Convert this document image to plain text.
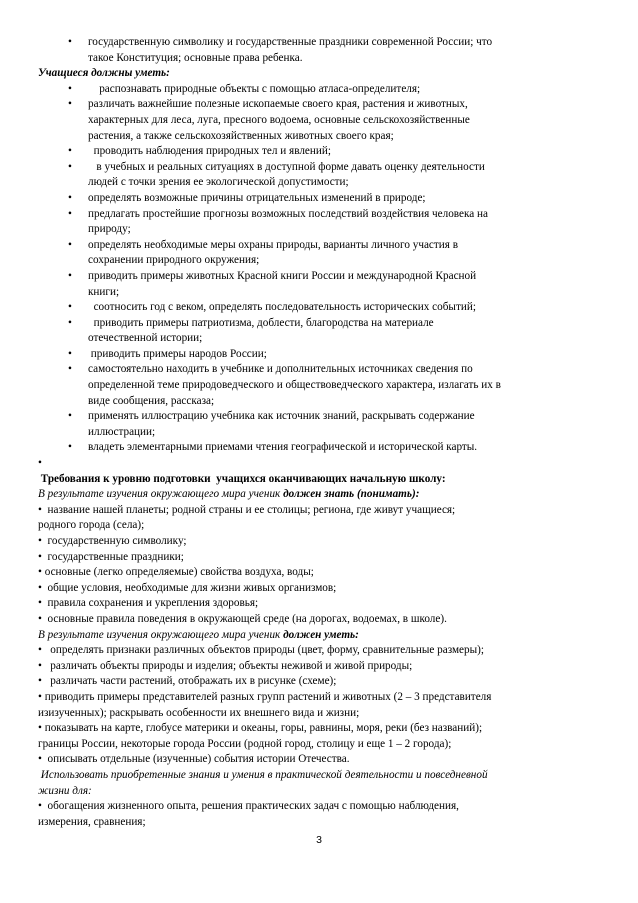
• государственную символику и государственные праздники современной России; что
такое Конституция; основные права ребенка.
Учащиеся должны уметь:
• распознавать природные объекты с помощью атласа-определителя;
• различать важнейшие полезные ископаемые своего края, растения и животных,
характерных для леса, луга, пресного водоема, основные сельскохозяйственные
растения, а также сельскохозяйственных животных своего края;
• проводить наблюдения природных тел и явлений;
• в учебных и реальных ситуациях в доступной форме давать оценку деятельности
людей с точки зрения ее экологической допустимости;
• определять возможные причины отрицательных изменений в природе;
• предлагать простейшие прогнозы возможных последствий воздействия человека на
природу;
• определять необходимые меры охраны природы, варианты личного участия в
сохранении природного окружения;
• приводить примеры животных Красной книги России и международной Красной
книги;
• соотносить год с веком, определять последовательность исторических событий;
• приводить примеры патриотизма, доблести, благородства на материале
отечественной истории;
• приводить примеры народов России;
• самостоятельно находить в учебнике и дополнительных источниках сведения по
определенной теме природоведческого и обществоведческого характера, излагать их в
виде сообщения, рассказа;
• применять иллюстрацию учебника как источник знаний, раскрывать содержание
иллюстрации;
• владеть элементарными приемами чтения географической и исторической карты.
•
Требования к уровню подготовки  учащихся оканчивающих начальную школу:
В результате изучения окружающего мира ученик должен знать (понимать):
•  название нашей планеты; родной страны и ее столицы; региона, где живут учащиеся;
родного города (села);
•  государственную символику;
•  государственные праздники;
• основные (легко определяемые) свойства воздуха, воды;
•  общие условия, необходимые для жизни живых организмов;
•  правила сохранения и укрепления здоровья;
•  основные правила поведения в окружающей среде (на дорогах, водоемах, в школе).
В результате изучения окружающего мира ученик должен уметь:
•   определять признаки различных объектов природы (цвет, форму, сравнительные размеры);
•   различать объекты природы и изделия; объекты неживой и живой природы;
•   различать части растений, отображать их в рисунке (схеме);
• приводить примеры представителей разных групп растений и животных (2 – 3 представителя
изизученных); раскрывать особенности их внешнего вида и жизни;
• показывать на карте, глобусе материки и океаны, горы, равнины, моря, реки (без названий);
границы России, некоторые города России (родной город, столицу и еще 1 – 2 города);
•  описывать отдельные (изученные) события истории Отечества.
Использовать приобретенные знания и умения в практической деятельности и повседневной
жизни для:
•  обогащения жизненного опыта, решения практических задач с помощью наблюдения,
измерения, сравнения;
3
